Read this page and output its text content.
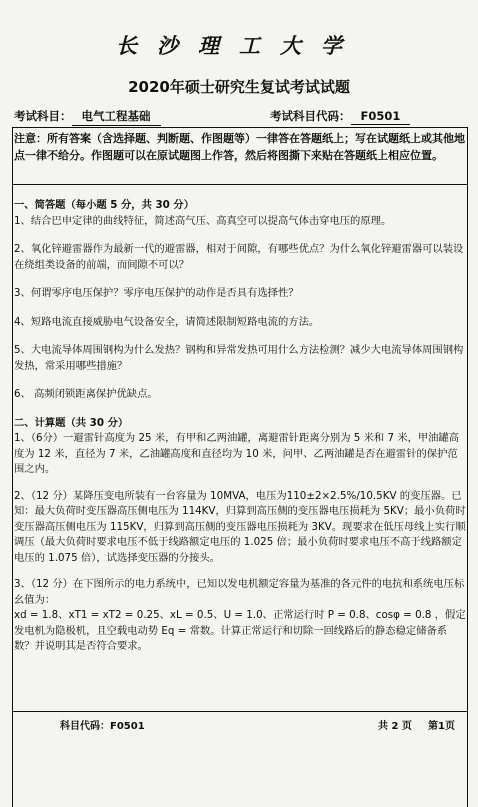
长沙理工大学
2020年硕士研究生复试考试试题
考试科目： 电气工程基础	考试科目代码： F0501
注意：所有答案（含选择题、判断题、作图题等）一律答在答题纸上；写在试题纸上或其他地点一律不给分。作图题可以在原试题图上作答，然后将图撕下来贴在答题纸上相应位置。

一、简答题（每小题 5 分，共 30 分）

1、结合巴申定律的曲线特征，简述高气压、高真空可以提高气体击穿电压的原理。

2、氧化锌避雷器作为最新一代的避雷器，相对于间隙，有哪些优点？为什么氧化锌避雷器可以装设在绕组类设备的前端，而间隙不可以？

3、何谓零序电压保护？零序电压保护的动作是否具有选择性？

4、短路电流直接威胁电气设备安全，请简述限制短路电流的方法。

5、大电流导体周围钢构为什么发热？钢构和异常发热可用什么方法检测？减少大电流导体周围钢构发热，常采用哪些措施？

6、 高频闭锁距离保护优缺点。

二、计算题（共 30 分）

1、（6分）一避雷针高度为 25 米，有甲和乙两油罐，离避雷针距离分别为 5 米和 7 米，甲油罐高度为 12 米，直径为 7 米，乙油罐高度和直径均为 10 米，问甲、乙两油罐是否在避雷针的保护范围之内。

2、（12 分）某降压变电所装有一台容量为 10MVA，电压为110±2×2.5%/10.5KV 的变压器。已知：最大负荷时变压器高压侧电压为 114KV，归算到高压侧的变压器电压损耗为 5KV；最小负荷时变压器高压侧电压为 115KV，归算到高压侧的变压器电压损耗为 3KV。现要求在低压母线上实行顺调压（最大负荷时要求电压不低于线路额定电压的 1.025 倍；最小负荷时要求电压不高于线路额定电压的 1.075 倍），试选择变压器的分接头。

3、（12 分）在下图所示的电力系统中，已知以发电机额定容量为基准的各元件的电抗和系统电压标幺值为：

xd = 1.8、xT1 = xT2 = 0.25、xL = 0.5、U = 1.0、正常运行时 P = 0.8、cosφ = 0.8 ，假定发电机为隐极机，且空载电动势 Eq = 常数。计算正常运行和切除一回线路后的静态稳定储备系数？并说明其是否符合要求。

科目代码：F0501	共 2 页 第1页
